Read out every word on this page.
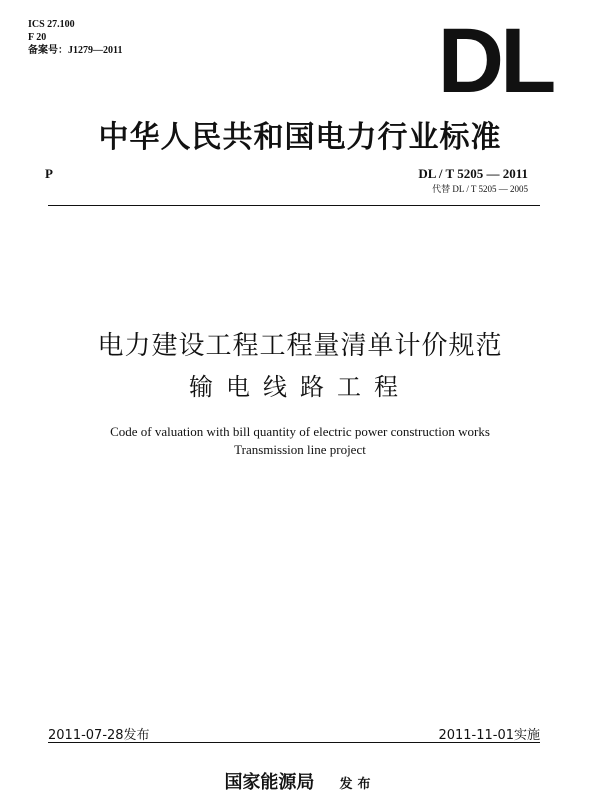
ICS 27.100
F 20
备案号：J1279—2011	DL
中华人民共和国电力行业标准
P	DL / T 5205 — 2011
代替 DL / T 5205 — 2005
电力建设工程工程量清单计价规范
输电线路工程
Code of valuation with bill quantity of electric power construction works
Transmission line project
2011-07-28发布	2011-11-01实施
国家能源局 发布
